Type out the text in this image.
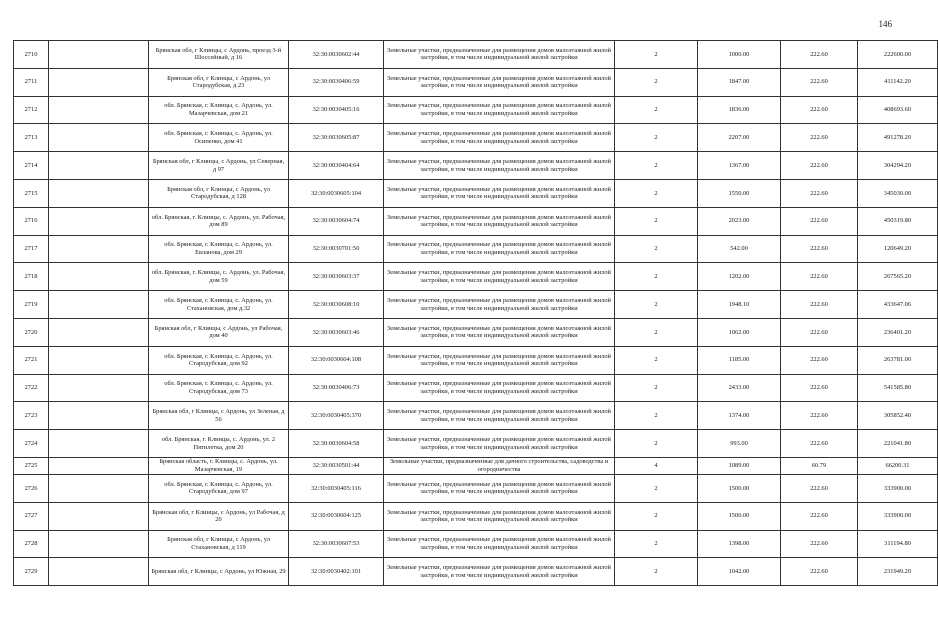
146
2710		Брянская обл, г Клинцы, с Ардонь, проезд 3-й Шоссейный, д 16	32:30:0030602:44	Земельные участки, предназначенные для размещения домов малоэтажной жилой застройки, в том числе индивидуальной жилой застройки	2	1000.00	222.60	222600.00
2711		Брянская обл, г Клинцы, с Ардонь, ул Стародубская, д 23	32:30:0030406:59	Земельные участки, предназначенные для размещения домов малоэтажной жилой застройки, в том числе индивидуальной жилой застройки	2	1847.00	222.60	411142.20
2712		обл. Брянская, г. Клинцы, с. Ардонь, ул. Мазарчевская, дом 21	32:30:0030405:16	Земельные участки, предназначенные для размещения домов малоэтажной жилой застройки, в том числе индивидуальной жилой застройки	2	1836.00	222.60	408693.60
2713		обл. Брянская, г. Клинцы, с. Ардонь, ул. Осипенко, дом 41	32:30:0030605:87	Земельные участки, предназначенные для размещения домов малоэтажной жилой застройки, в том числе индивидуальной жилой застройки	2	2207.00	222.60	491278.20
2714		Брянская обл, г Клинцы, с Ардонь, ул Северная, д 97	32:30:0030404:64	Земельные участки, предназначенные для размещения домов малоэтажной жилой застройки, в том числе индивидуальной жилой застройки	2	1367.00	222.60	304294.20
2715		Брянская обл, г Клинцы, с Ардонь, ул Стародубская, д 128	32:30:0030605:104	Земельные участки, предназначенные для размещения домов малоэтажной жилой застройки, в том числе индивидуальной жилой застройки	2	1550.00	222.60	345030.00
2716		обл. Брянская, г. Клинцы, с. Ардонь, ул. Рабочая, дом 89	32:30:0030604:74	Земельные участки, предназначенные для размещения домов малоэтажной жилой застройки, в том числе индивидуальной жилой застройки	2	2023.00	222.60	450319.80
2717		обл. Брянская, г. Клинцы, с. Ардонь, ул. Евланова, дом 29	32:30:0030701:50	Земельные участки, предназначенные для размещения домов малоэтажной жилой застройки, в том числе индивидуальной жилой застройки	2	542.00	222.60	120649.20
2718		обл. Брянская, г. Клинцы, с. Ардонь, ул. Рабочая, дом 59	32:30:0030603:37	Земельные участки, предназначенные для размещения домов малоэтажной жилой застройки, в том числе индивидуальной жилой застройки	2	1202.00	222.60	267565.20
2719		обл. Брянская, г. Клинцы, с. Ардонь, ул. Стахановская, дом д.32	32:30:0030608:10	Земельные участки, предназначенные для размещения домов малоэтажной жилой застройки, в том числе индивидуальной жилой застройки	2	1948.10	222.60	433647.06
2720		Брянская обл, г Клинцы, с Ардонь, ул Рабочая, дом 40	32:30:0030603:46	Земельные участки, предназначенные для размещения домов малоэтажной жилой застройки, в том числе индивидуальной жилой застройки	2	1062.00	222.60	236401.20
2721		обл. Брянская, г. Клинцы, с. Ардонь, ул. Стародубская, дом 92	32:30:0030604:108	Земельные участки, предназначенные для размещения домов малоэтажной жилой застройки, в том числе индивидуальной жилой застройки	2	1185.00	222.60	263781.00
2722		обл. Брянская, г. Клинцы, с. Ардонь, ул. Стародубская, дом 73	32:30:0030406:73	Земельные участки, предназначенные для размещения домов малоэтажной жилой застройки, в том числе индивидуальной жилой застройки	2	2433.00	222.60	541585.80
2723		Брянская обл, г Клинцы, с Ардонь, ул Зеленая, д 56	32:30:0030405:370	Земельные участки, предназначенные для размещения домов малоэтажной жилой застройки, в том числе индивидуальной жилой застройки	2	1374.00	222.60	305852.40
2724		обл. Брянская, г. Клинцы, с. Ардонь, ул. 2 Пятилетка, дом 20	32:30:0030604:58	Земельные участки, предназначенные для размещения домов малоэтажной жилой застройки, в том числе индивидуальной жилой застройки	2	993.00	222.60	221041.80
2725		Брянская область, г. Клинцы, с. Ардонь, ул. Мазарчевская, 19	32:30:0030501:44	Земельные участки, предназначенные для дачного строительства, садоводства и огородничества	4	1089.00	60.79	66200.31
2726		обл. Брянская, г. Клинцы, с. Ардонь, ул. Стародубская, дом 97	32:30:0030405:116	Земельные участки, предназначенные для размещения домов малоэтажной жилой застройки, в том числе индивидуальной жилой застройки	2	1500.00	222.60	333900.00
2727		Брянская обл, г Клинцы, с Ардонь, ул Рабочая, д 20	32:30:0030604:125	Земельные участки, предназначенные для размещения домов малоэтажной жилой застройки, в том числе индивидуальной жилой застройки	2	1500.00	222.60	333900.00
2728		Брянская обл, г Клинцы, с Ардонь, ул Стахановская, д 119	32:30:0030607:53	Земельные участки, предназначенные для размещения домов малоэтажной жилой застройки, в том числе индивидуальной жилой застройки	2	1398.00	222.60	311194.80
2729		Брянская обл, г Клинцы, с Ардонь, ул Южная, 29	32:30:0030402:101	Земельные участки, предназначенные для размещения домов малоэтажной жилой застройки, в том числе индивидуальной жилой застройки	2	1042.00	222.60	231949.20
